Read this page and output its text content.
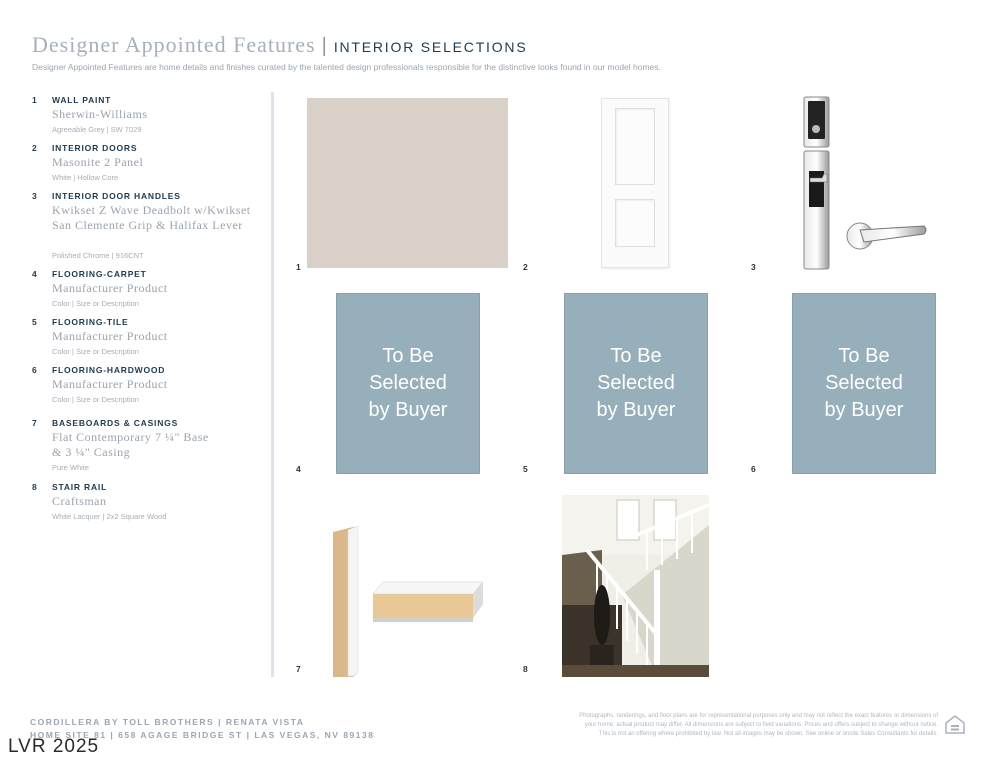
Designer Appointed Features | INTERIOR SELECTIONS
Designer Appointed Features are home details and finishes curated by the talented design professionals responsible for the distinctive looks found in our model homes.
1 WALL PAINT
Sherwin-Williams
Agreeable Grey | SW 7029
2 INTERIOR DOORS
Masonite 2 Panel
White | Hollow Core
3 INTERIOR DOOR HANDLES
Kwikset Z Wave Deadbolt w/Kwikset San Clemente Grip & Halifax Lever
Polished Chrome | 916CNT
4 FLOORING-CARPET
Manufacturer Product
Color | Size or Description
5 FLOORING-TILE
Manufacturer Product
Color | Size or Description
6 FLOORING-HARDWOOD
Manufacturer Product
Color | Size or Description
7 BASEBOARDS & CASINGS
Flat Contemporary 7 ¼" Base & 3 ¼" Casing
Pure White
8 STAIR RAIL
Craftsman
White Lacquer | 2x2 Square Wood
1	2	3
To Be
Selected
by Buyer
4
To Be
Selected
by Buyer
5
To Be
Selected
by Buyer
6
7	8
CORDILLERA BY TOLL BROTHERS | RENATA VISTA
HOME SITE 81 | 658 AGAGE BRIDGE ST | LAS VEGAS, NV 89138
Photographs, renderings, and floor plans are for representational purposes only and may not reflect the exact features or dimensions of
your home; actual product may differ. All dimensions are subject to field variations. Prices and offers subject to change without notice.
This is not an offering where prohibited by law. Not all images may be shown. See online or onsite Sales Consultants for details.
LVR 2025
